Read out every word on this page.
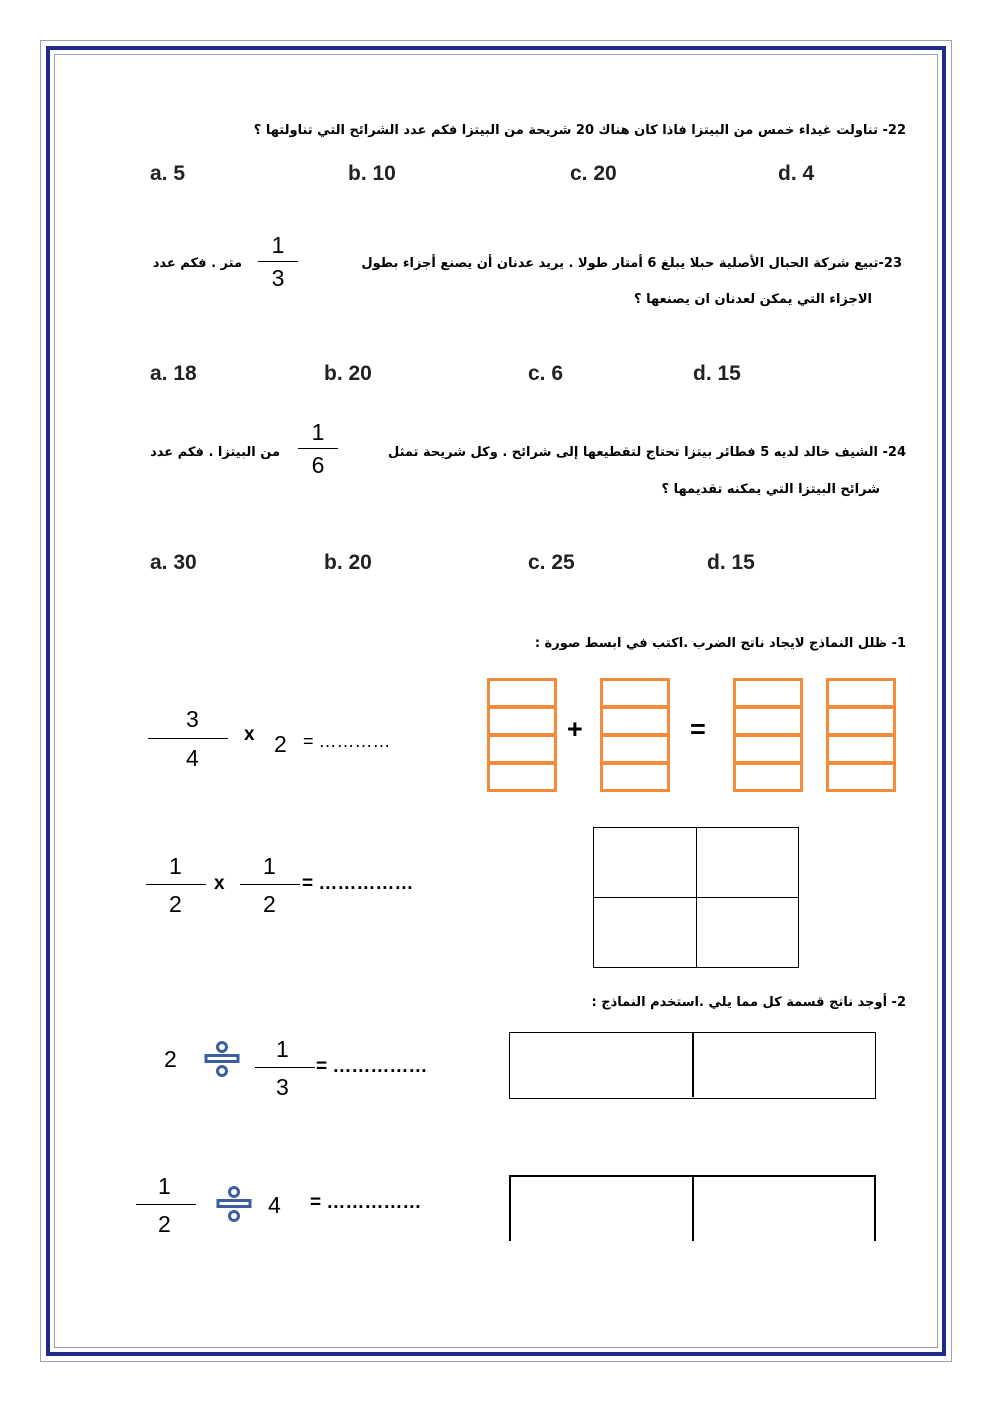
22- تناولت غيداء خمس من البيتزا فاذا كان هناك 20 شريحة من البيتزا فكم عدد الشرائح التي تناولتها ؟
a. 5	b. 10	c. 20	d. 4
23-تبيع شركة الحبال الأصلية حبلا يبلغ 6 أمتار طولا . يريد عدنان أن يصنع أجزاء بطول
1
3
متر . فكم عدد
الاجزاء التي يمكن لعدنان ان يصنعها ؟
a. 18	b. 20	c. 6	d. 15
24- الشيف خالد لديه 5 فطائر بيتزا تحتاج لتقطيعها إلى شرائح . وكل شريحة تمثل
1
6
من البيتزا . فكم عدد
شرائح البيتزا التي يمكنه تقديمها ؟
a. 30	b. 20	c. 25	d. 15
1- ظلل النماذج لايجاد ناتج الضرب .اكتب في ابسط صورة :
3
4
x 2 = …………	+	=
1
2
x
1
2
= ……………
2- أوجد ناتج قسمة كل مما يلي .استخدم النماذج :
2	1
3
= ……………
1
2
4 = ……………
